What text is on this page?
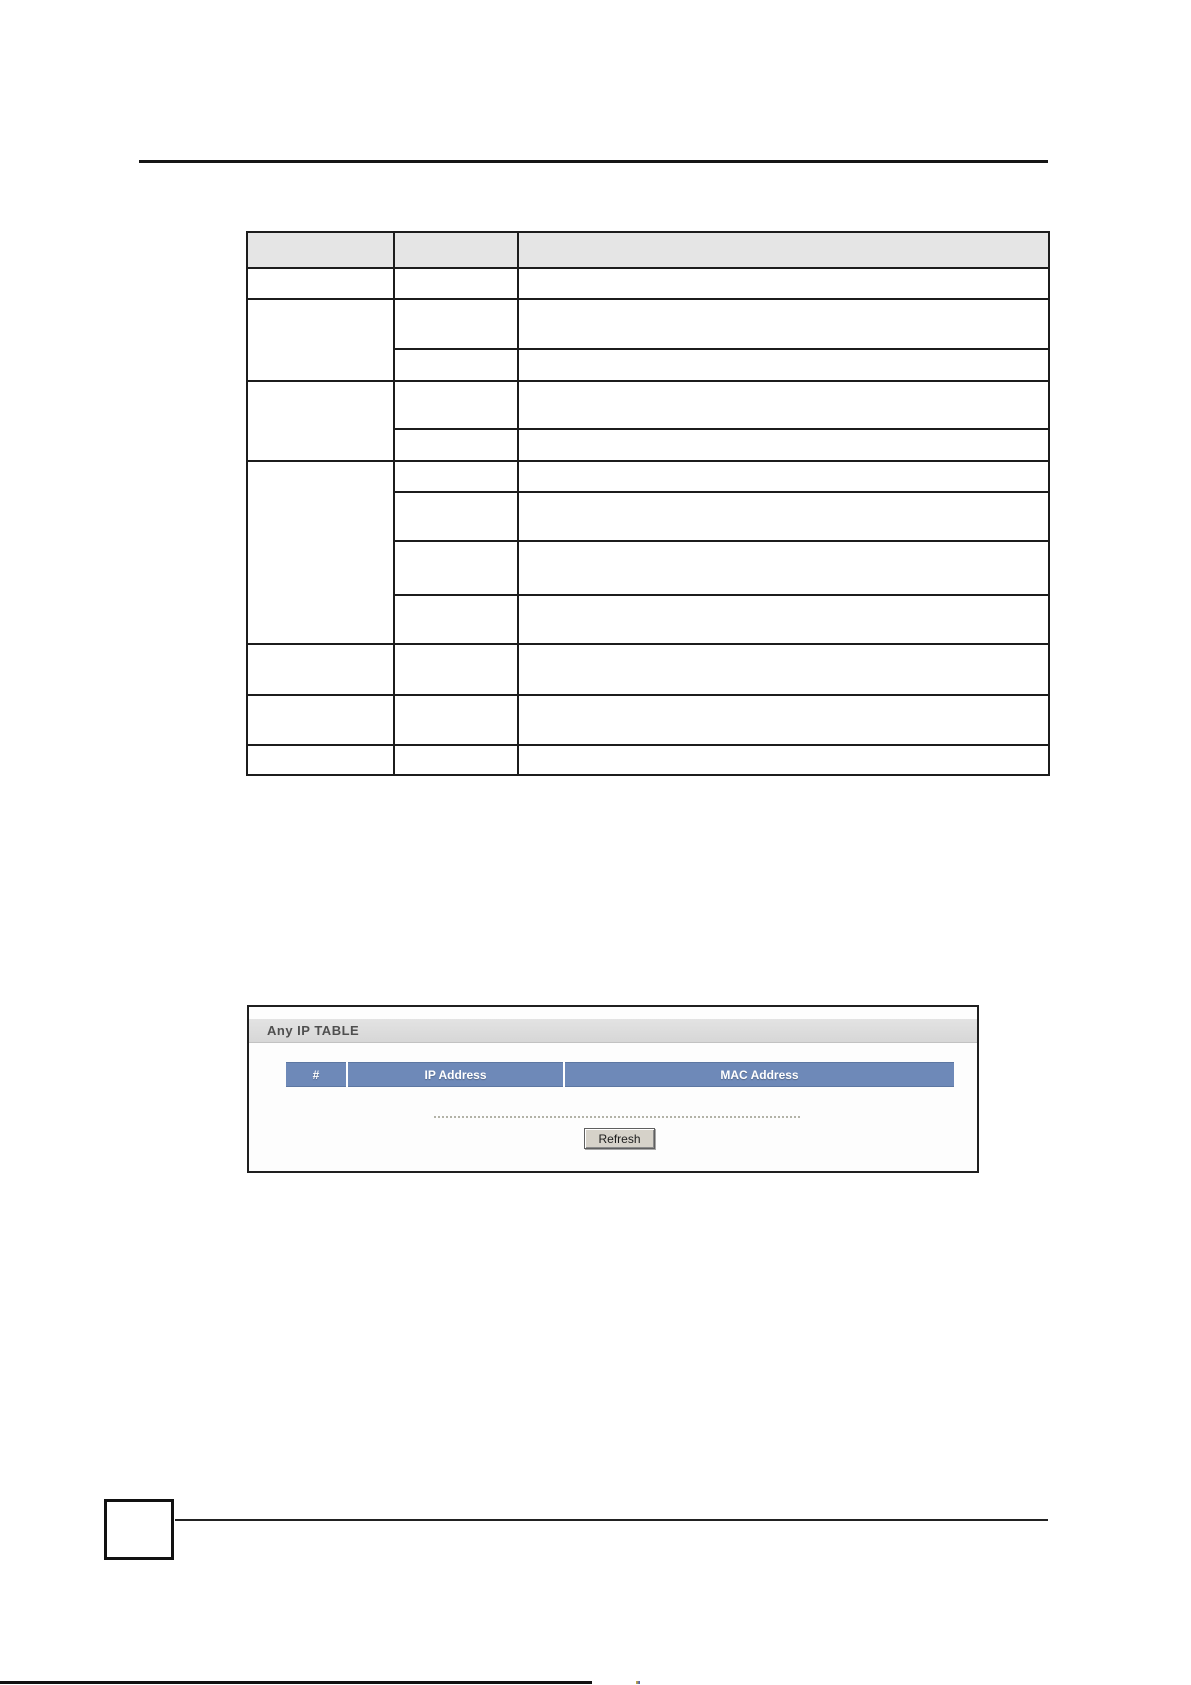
Any IP TABLE
#	IP Address	MAC Address
Refresh
